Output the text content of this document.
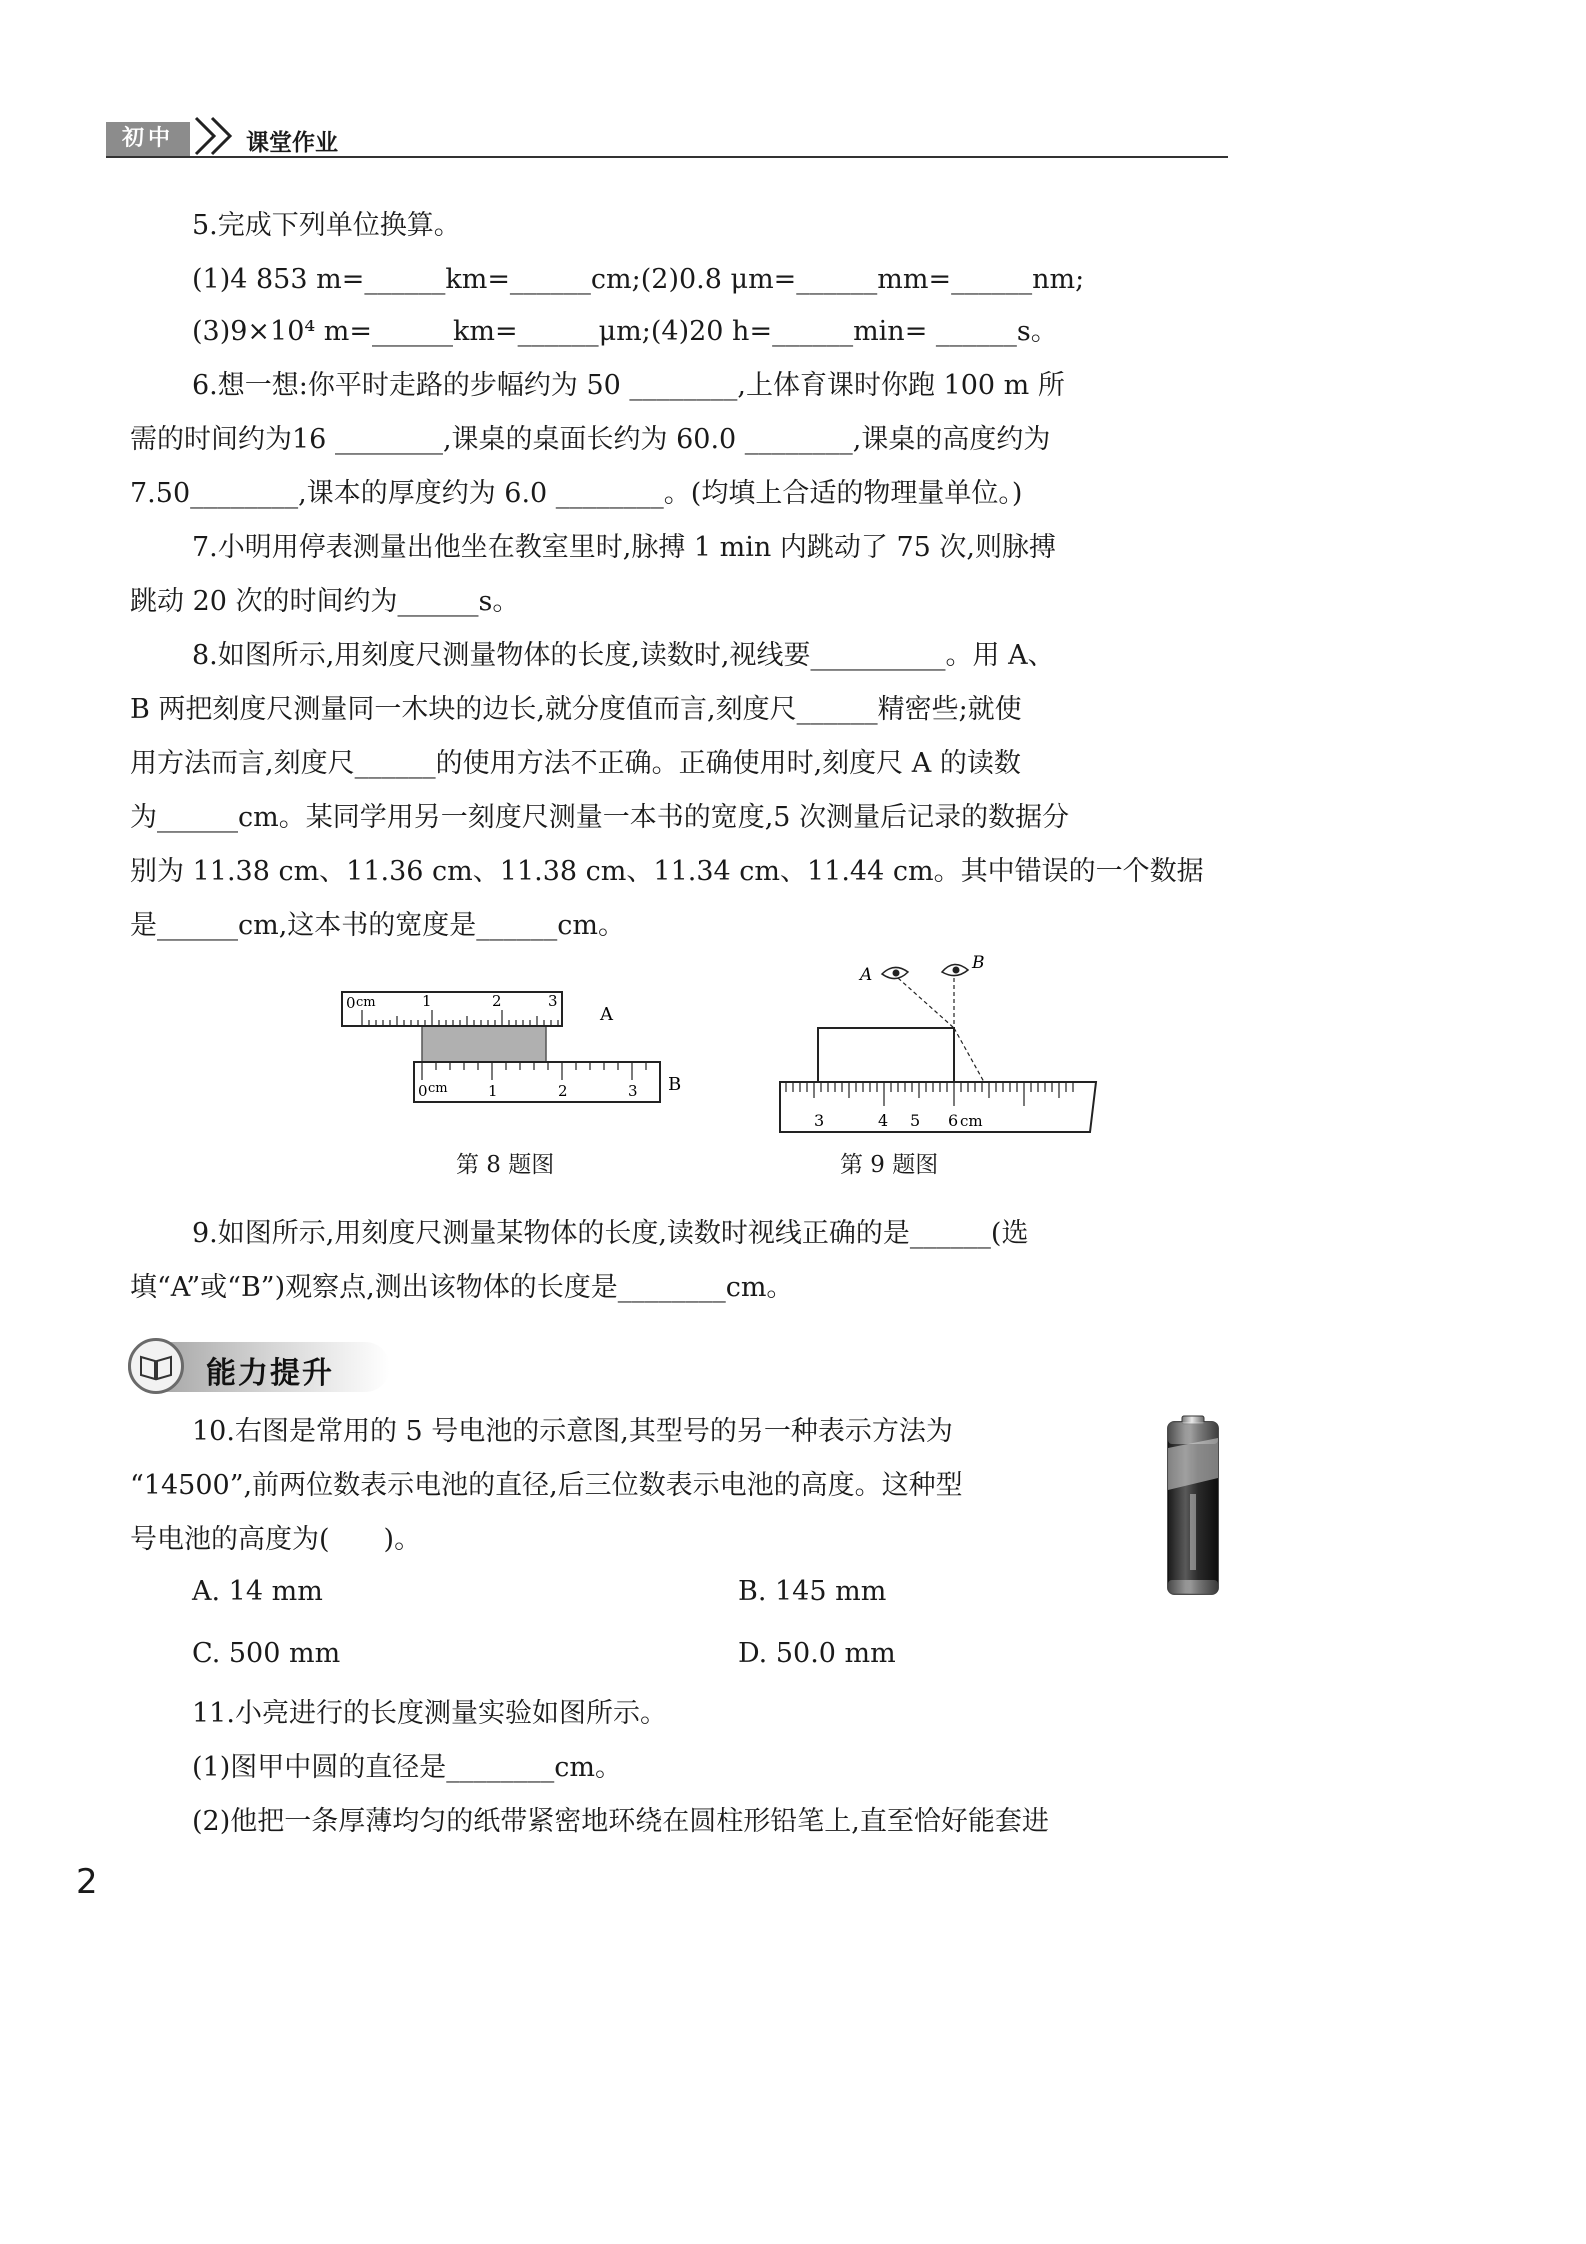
初中	课堂作业
5.完成下列单位换算。
(1)4 853 m=______km=______cm;(2)0.8 μm=______mm=______nm;
(3)9×10⁴ m=______km=______μm;(4)20 h=______min= ______s。
6.想一想:你平时走路的步幅约为 50 ________,上体育课时你跑 100 m 所
需的时间约为16 ________,课桌的桌面长约为 60.0 ________,课桌的高度约为
7.50________,课本的厚度约为 6.0 ________。(均填上合适的物理量单位。)
7.小明用停表测量出他坐在教室里时,脉搏 1 min 内跳动了 75 次,则脉搏
跳动 20 次的时间约为______s。
8.如图所示,用刻度尺测量物体的长度,读数时,视线要__________。用 A、
B 两把刻度尺测量同一木块的边长,就分度值而言,刻度尺______精密些;就使
用方法而言,刻度尺______的使用方法不正确。正确使用时,刻度尺 A 的读数
为______cm。某同学用另一刻度尺测量一本书的宽度,5 次测量后记录的数据分
别为 11.38 cm、11.36 cm、11.38 cm、11.34 cm、11.44 cm。其中错误的一个数据
是______cm,这本书的宽度是______cm。
0 cm	1	2	3
A
0 cm	1	2	3 B
第 8 题图
3	4 5 6 cm
A
B
第 9 题图
9.如图所示,用刻度尺测量某物体的长度,读数时视线正确的是______(选
填“A”或“B”)观察点,测出该物体的长度是________cm。
能力提升
10.右图是常用的 5 号电池的示意图,其型号的另一种表示方法为
“14500”,前两位数表示电池的直径,后三位数表示电池的高度。这种型
号电池的高度为(　　)。
A. 14 mm	B. 145 mm
C. 500 mm	D. 50.0 mm
11.小亮进行的长度测量实验如图所示。
(1)图甲中圆的直径是________cm。
(2)他把一条厚薄均匀的纸带紧密地环绕在圆柱形铅笔上,直至恰好能套进
2
